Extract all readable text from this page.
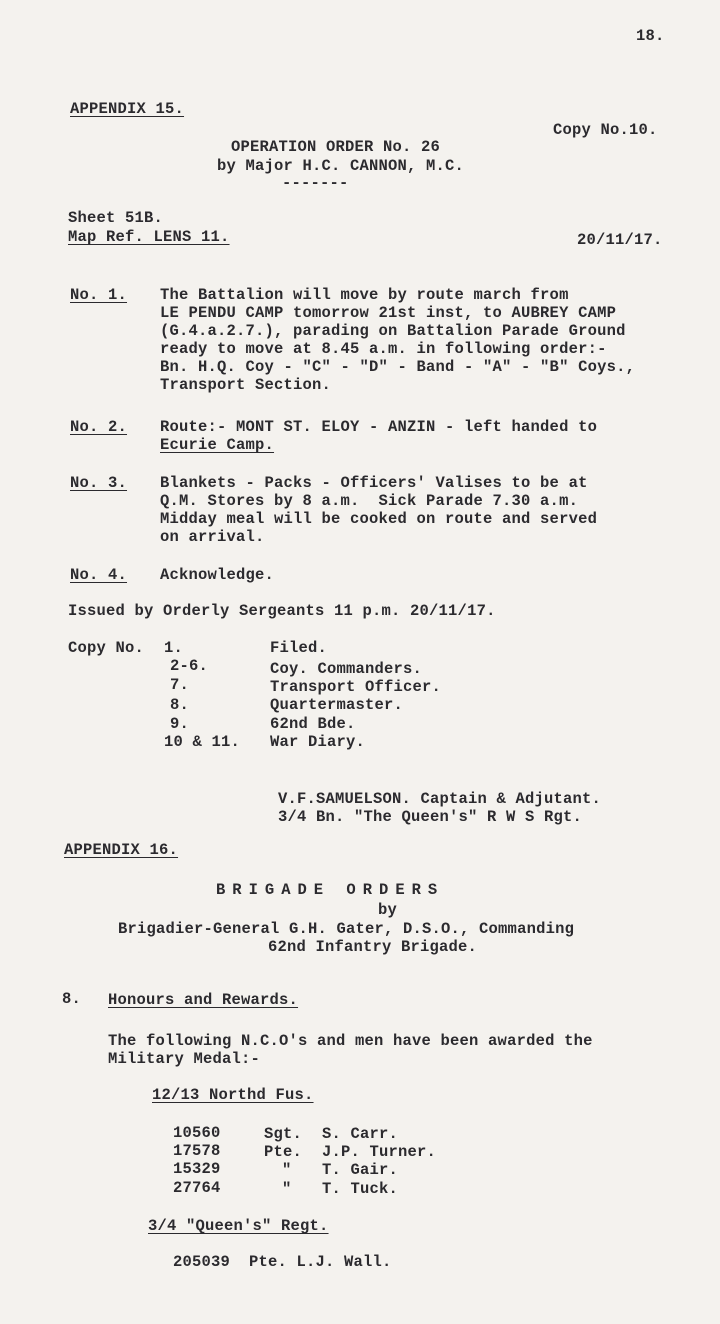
18.
APPENDIX 15.
Copy No.10.
OPERATION ORDER No. 26
by Major H.C. CANNON, M.C.
-------
Sheet 51B.
Map Ref. LENS 11.	20/11/17.
No. 1. The Battalion will move by route march from
LE PENDU CAMP tomorrow 21st inst, to AUBREY CAMP
(G.4.a.2.7.), parading on Battalion Parade Ground
ready to move at 8.45 a.m. in following order:-
Bn. H.Q. Coy - "C" - "D" - Band - "A" - "B" Coys.,
Transport Section.
No. 2. Route:- MONT ST. ELOY - ANZIN - left handed to
Ecurie Camp.
No. 3. Blankets - Packs - Officers' Valises to be at
Q.M. Stores by 8 a.m.  Sick Parade 7.30 a.m.
Midday meal will be cooked on route and served
on arrival.
No. 4. Acknowledge.
Issued by Orderly Sergeants 11 p.m. 20/11/17.
Copy No. 1.	Filed.
2-6.	Coy. Commanders.
7.	Transport Officer.
8.	Quartermaster.
9.	62nd Bde.
10 & 11. War Diary.
V.F.SAMUELSON. Captain & Adjutant.
3/4 Bn. "The Queen's" R W S Rgt.
APPENDIX 16.
BRIGADE ORDERS
by
Brigadier-General G.H. Gater, D.S.O., Commanding
62nd Infantry Brigade.
8. Honours and Rewards.
The following N.C.O's and men have been awarded the
Military Medal:-
12/13 Northd Fus.
10560	Sgt. S. Carr.
17578	Pte. J.P. Turner.
15329	" T. Gair.
27764	" T. Tuck.
3/4 "Queen's" Regt.
205039  Pte. L.J. Wall.
